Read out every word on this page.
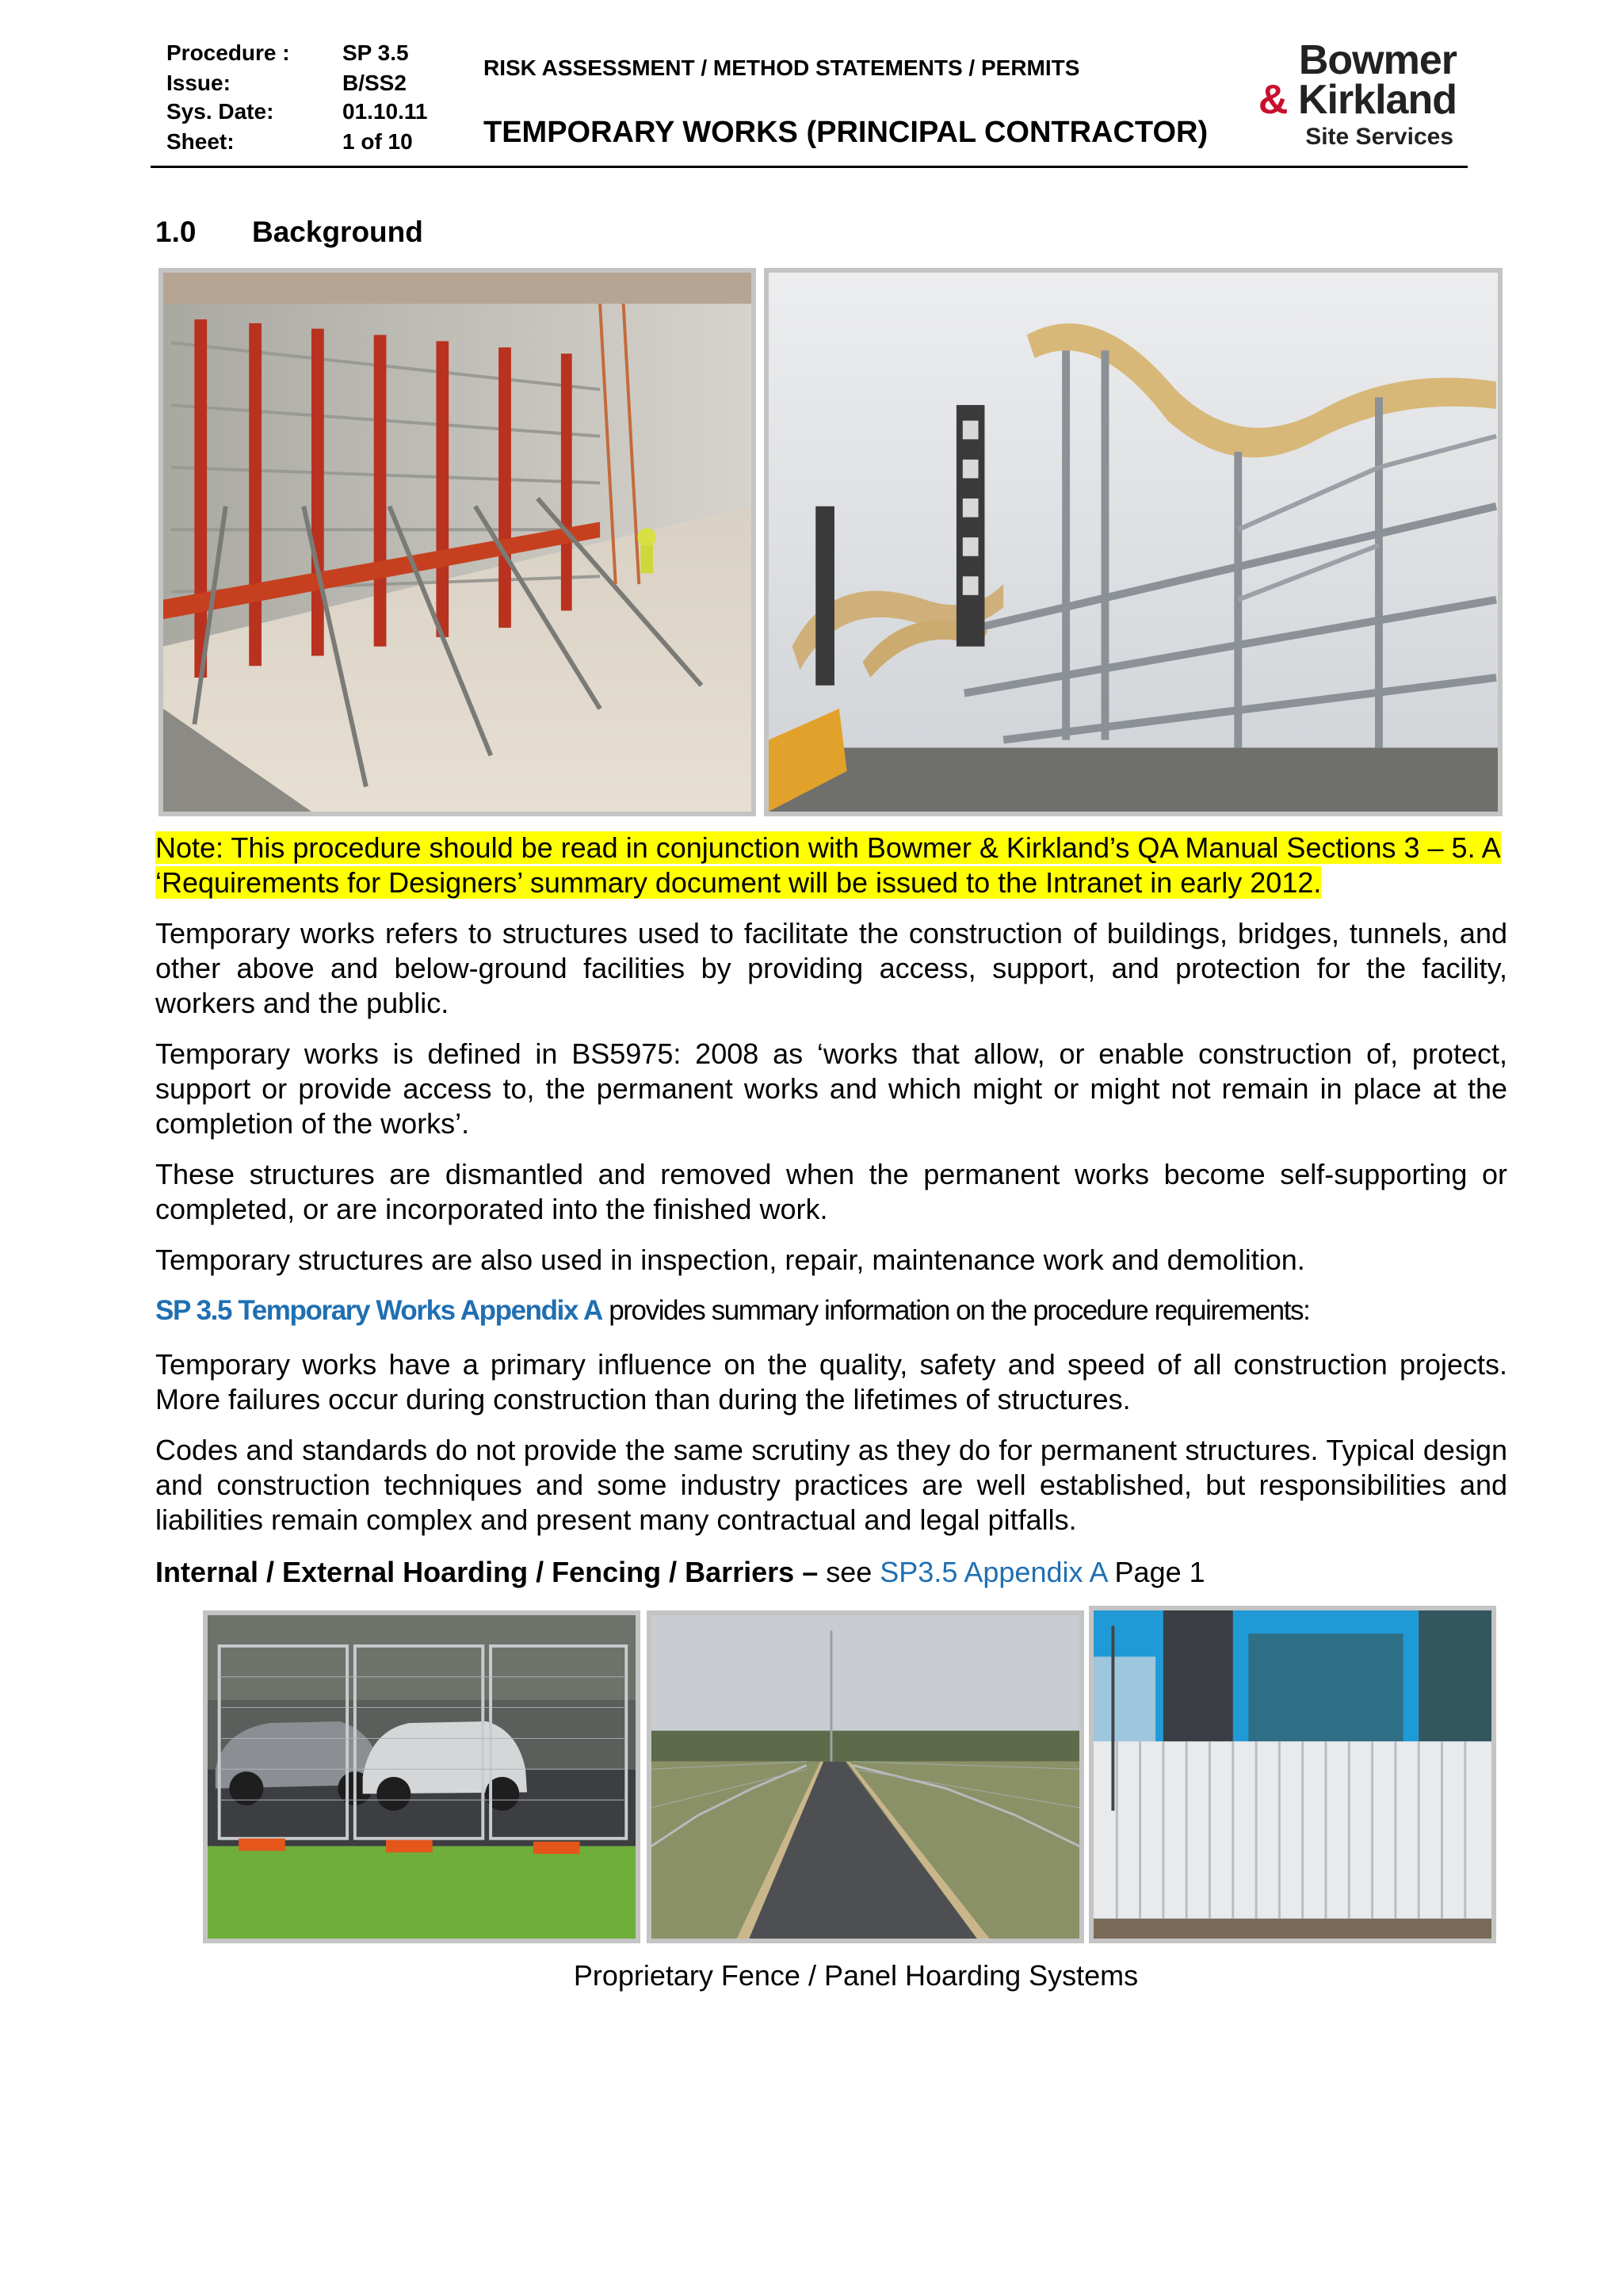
Procedure :	SP 3.5
Issue:	B/SS2
Sys. Date:	01.10.11
Sheet:	1 of 10
RISK ASSESSMENT / METHOD STATEMENTS / PERMITS
TEMPORARY WORKS (PRINCIPAL CONTRACTOR)
Bowmer
& Kirkland
Site Services
1.0 Background

Note: This procedure should be read in conjunction with Bowmer & Kirkland’s QA Manual Sections 3 – 5. A ‘Requirements for Designers’ summary document will be issued to the Intranet in early 2012.

Temporary works refers to structures used to facilitate the construction of buildings, bridges, tunnels, and other above and below-ground facilities by providing access, support, and protection for the facility, workers and the public.

Temporary works is defined in BS5975: 2008 as ‘works that allow, or enable construction of, protect, support or provide access to, the permanent works and which might or might not remain in place at the completion of the works’.

These structures are dismantled and removed when the permanent works become self-supporting or completed, or are incorporated into the finished work.

Temporary structures are also used in inspection, repair, maintenance work and demolition.

SP 3.5 Temporary Works Appendix A provides summary information on the procedure requirements:

Temporary works have a primary influence on the quality, safety and speed of all construction projects. More failures occur during construction than during the lifetimes of structures.

Codes and standards do not provide the same scrutiny as they do for permanent structures. Typical design and construction techniques and some industry practices are well established, but responsibilities and liabilities remain complex and present many contractual and legal pitfalls.

Internal / External Hoarding / Fencing / Barriers – see SP3.5 Appendix A Page 1

Proprietary Fence / Panel Hoarding Systems
